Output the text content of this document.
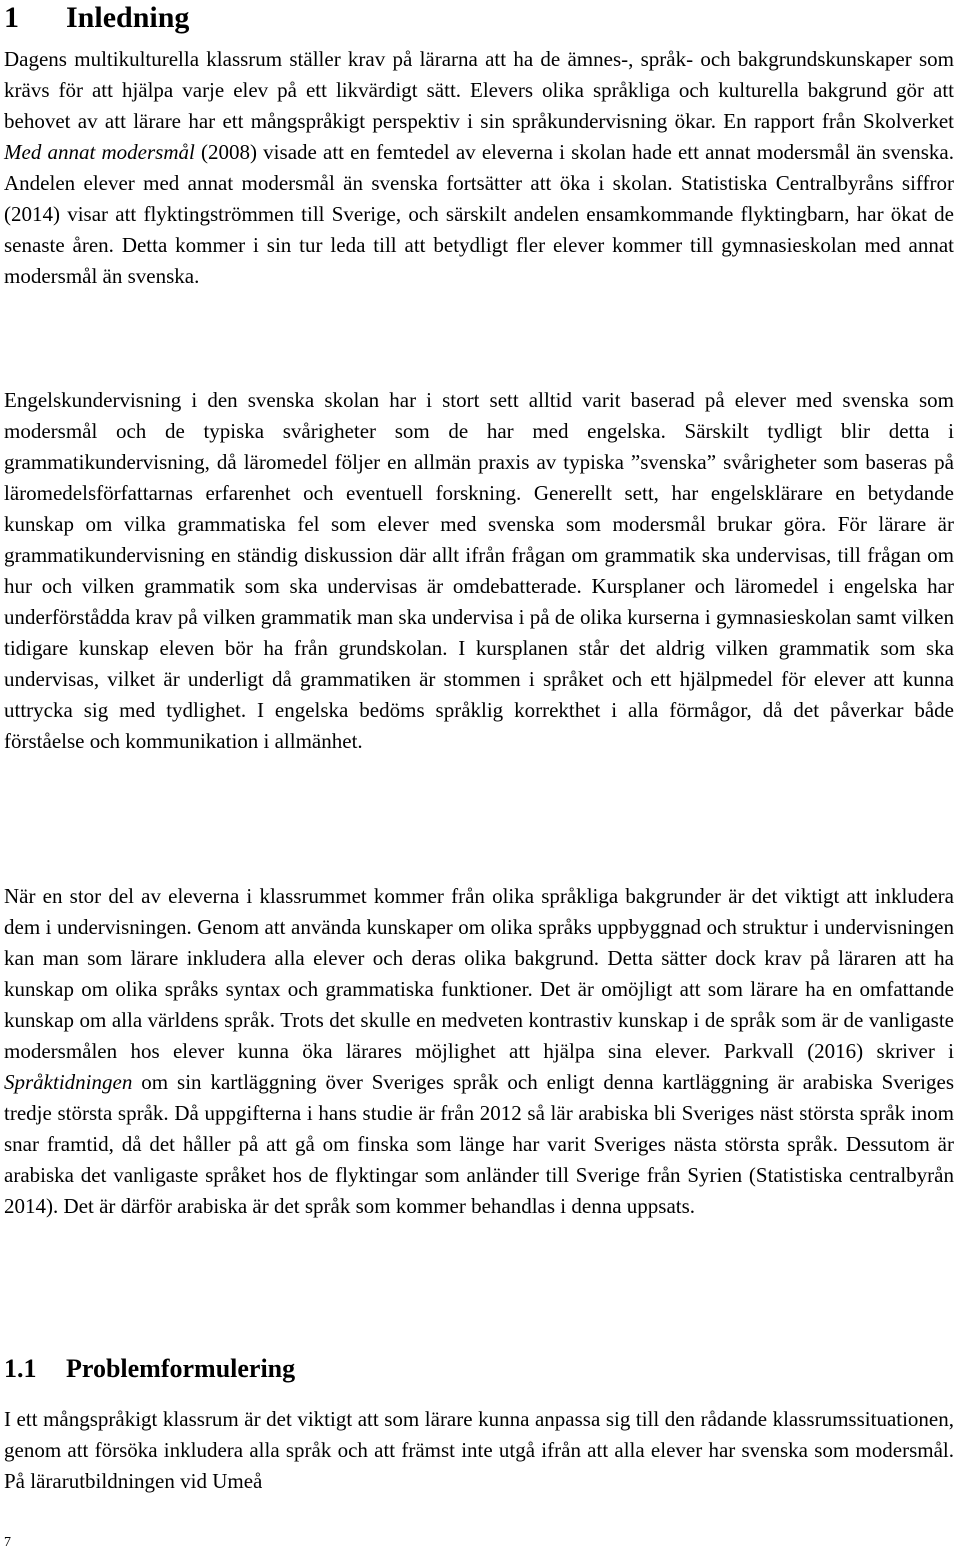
1 Inledning

Dagens multikulturella klassrum ställer krav på lärarna att ha de ämnes-, språk- och bakgrundskunskaper som krävs för att hjälpa varje elev på ett likvärdigt sätt. Elevers olika språkliga och kulturella bakgrund gör att behovet av att lärare har ett mångspråkigt perspektiv i sin språkundervisning ökar. En rapport från Skolverket Med annat modersmål (2008) visade att en femtedel av eleverna i skolan hade ett annat modersmål än svenska. Andelen elever med annat modersmål än svenska fortsätter att öka i skolan. Statistiska Centralbyråns siffror (2014) visar att flyktingströmmen till Sverige, och särskilt andelen ensamkommande flyktingbarn, har ökat de senaste åren. Detta kommer i sin tur leda till att betydligt fler elever kommer till gymnasieskolan med annat modersmål än svenska.

Engelskundervisning i den svenska skolan har i stort sett alltid varit baserad på elever med svenska som modersmål och de typiska svårigheter som de har med engelska. Särskilt tydligt blir detta i grammatikundervisning, då läromedel följer en allmän praxis av typiska ”svenska” svårigheter som baseras på läromedelsförfattarnas erfarenhet och eventuell forskning. Generellt sett, har engelsklärare en betydande kunskap om vilka grammatiska fel som elever med svenska som modersmål brukar göra. För lärare är grammatikundervisning en ständig diskussion där allt ifrån frågan om grammatik ska undervisas, till frågan om hur och vilken grammatik som ska undervisas är omdebatterade. Kursplaner och läromedel i engelska har underförstådda krav på vilken grammatik man ska undervisa i på de olika kurserna i gymnasieskolan samt vilken tidigare kunskap eleven bör ha från grundskolan. I kursplanen står det aldrig vilken grammatik som ska undervisas, vilket är underligt då grammatiken är stommen i språket och ett hjälpmedel för elever att kunna uttrycka sig med tydlighet. I engelska bedöms språklig korrekthet i alla förmågor, då det påverkar både förståelse och kommunikation i allmänhet.

När en stor del av eleverna i klassrummet kommer från olika språkliga bakgrunder är det viktigt att inkludera dem i undervisningen. Genom att använda kunskaper om olika språks uppbyggnad och struktur i undervisningen kan man som lärare inkludera alla elever och deras olika bakgrund. Detta sätter dock krav på läraren att ha kunskap om olika språks syntax och grammatiska funktioner. Det är omöjligt att som lärare ha en omfattande kunskap om alla världens språk. Trots det skulle en medveten kontrastiv kunskap i de språk som är de vanligaste modersmålen hos elever kunna öka lärares möjlighet att hjälpa sina elever. Parkvall (2016) skriver i Språktidningen om sin kartläggning över Sveriges språk och enligt denna kartläggning är arabiska Sveriges tredje största språk. Då uppgifterna i hans studie är från 2012 så lär arabiska bli Sveriges näst största språk inom snar framtid, då det håller på att gå om finska som länge har varit Sveriges nästa största språk. Dessutom är arabiska det vanligaste språket hos de flyktingar som anländer till Sverige från Syrien (Statistiska centralbyrån 2014). Det är därför arabiska är det språk som kommer behandlas i denna uppsats.

1.1 Problemformulering

I ett mångspråkigt klassrum är det viktigt att som lärare kunna anpassa sig till den rådande klassrumssituationen, genom att försöka inkludera alla språk och att främst inte utgå ifrån att alla elever har svenska som modersmål. På lärarutbildningen vid Umeå

7
